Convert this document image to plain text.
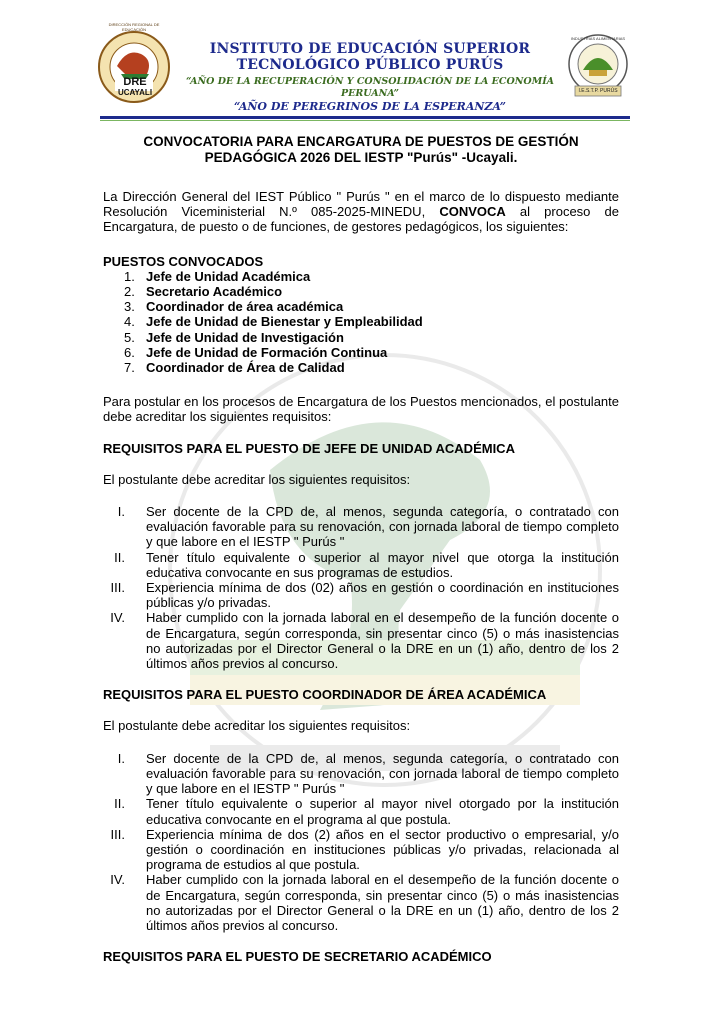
DRE
UCAYALI
DIRECCIÓN REGIONAL DE EDUCACIÓN
INSTITUTO DE EDUCACIÓN SUPERIOR
TECNOLÓGICO PÚBLICO PURÚS
“AÑO DE LA RECUPERACIÓN Y CONSOLIDACIÓN DE LA ECONOMÍA PERUANA”
“AÑO DE PEREGRINOS DE LA ESPERANZA”
INDUSTRIAS ALIMENTARIAS
I.E.S.T.P. PURÚS
CONVOCATORIA PARA ENCARGATURA DE PUESTOS DE GESTIÓN PEDAGÓGICA 2026 DEL IESTP "Purús" -Ucayali.

La Dirección General del IEST Público " Purús " en el marco de lo dispuesto mediante Resolución Viceministerial N.º 085-2025-MINEDU, CONVOCA al proceso de Encargatura, de puesto o de funciones, de gestores pedagógicos, los siguientes:

PUESTOS CONVOCADOS
1. Jefe de Unidad Académica
2. Secretario Académico
3. Coordinador de área académica
4. Jefe de Unidad de Bienestar y Empleabilidad
5. Jefe de Unidad de Investigación
6. Jefe de Unidad de Formación Continua
7. Coordinador de Área de Calidad

Para postular en los procesos de Encargatura de los Puestos mencionados, el postulante debe acreditar los siguientes requisitos:

REQUISITOS PARA EL PUESTO DE JEFE DE UNIDAD ACADÉMICA

El postulante debe acreditar los siguientes requisitos:

I. Ser docente de la CPD de, al menos, segunda categoría, o contratado con evaluación favorable para su renovación, con jornada laboral de tiempo completo y que labore en el IESTP " Purús "
II. Tener título equivalente o superior al mayor nivel que otorga la institución educativa convocante en sus programas de estudios.
III. Experiencia mínima de dos (02) años en gestión o coordinación en instituciones públicas y/o privadas.
IV. Haber cumplido con la jornada laboral en el desempeño de la función docente o de Encargatura, según corresponda, sin presentar cinco (5) o más inasistencias no autorizadas por el Director General o la DRE en un (1) año, dentro de los 2 últimos años previos al concurso.
REQUISITOS PARA EL PUESTO COORDINADOR DE ÁREA ACADÉMICA

El postulante debe acreditar los siguientes requisitos:

I. Ser docente de la CPD de, al menos, segunda categoría, o contratado con evaluación favorable para su renovación, con jornada laboral de tiempo completo y que labore en el IESTP " Purús "
II. Tener título equivalente o superior al mayor nivel otorgado por la institución educativa convocante en el programa al que postula.
III. Experiencia mínima de dos (2) años en el sector productivo o empresarial, y/o gestión o coordinación en instituciones públicas y/o privadas, relacionada al programa de estudios al que postula.
IV. Haber cumplido con la jornada laboral en el desempeño de la función docente o de Encargatura, según corresponda, sin presentar cinco (5) o más inasistencias no autorizadas por el Director General o la DRE en un (1) año, dentro de los 2 últimos años previos al concurso.
REQUISITOS PARA EL PUESTO DE SECRETARIO ACADÉMICO
